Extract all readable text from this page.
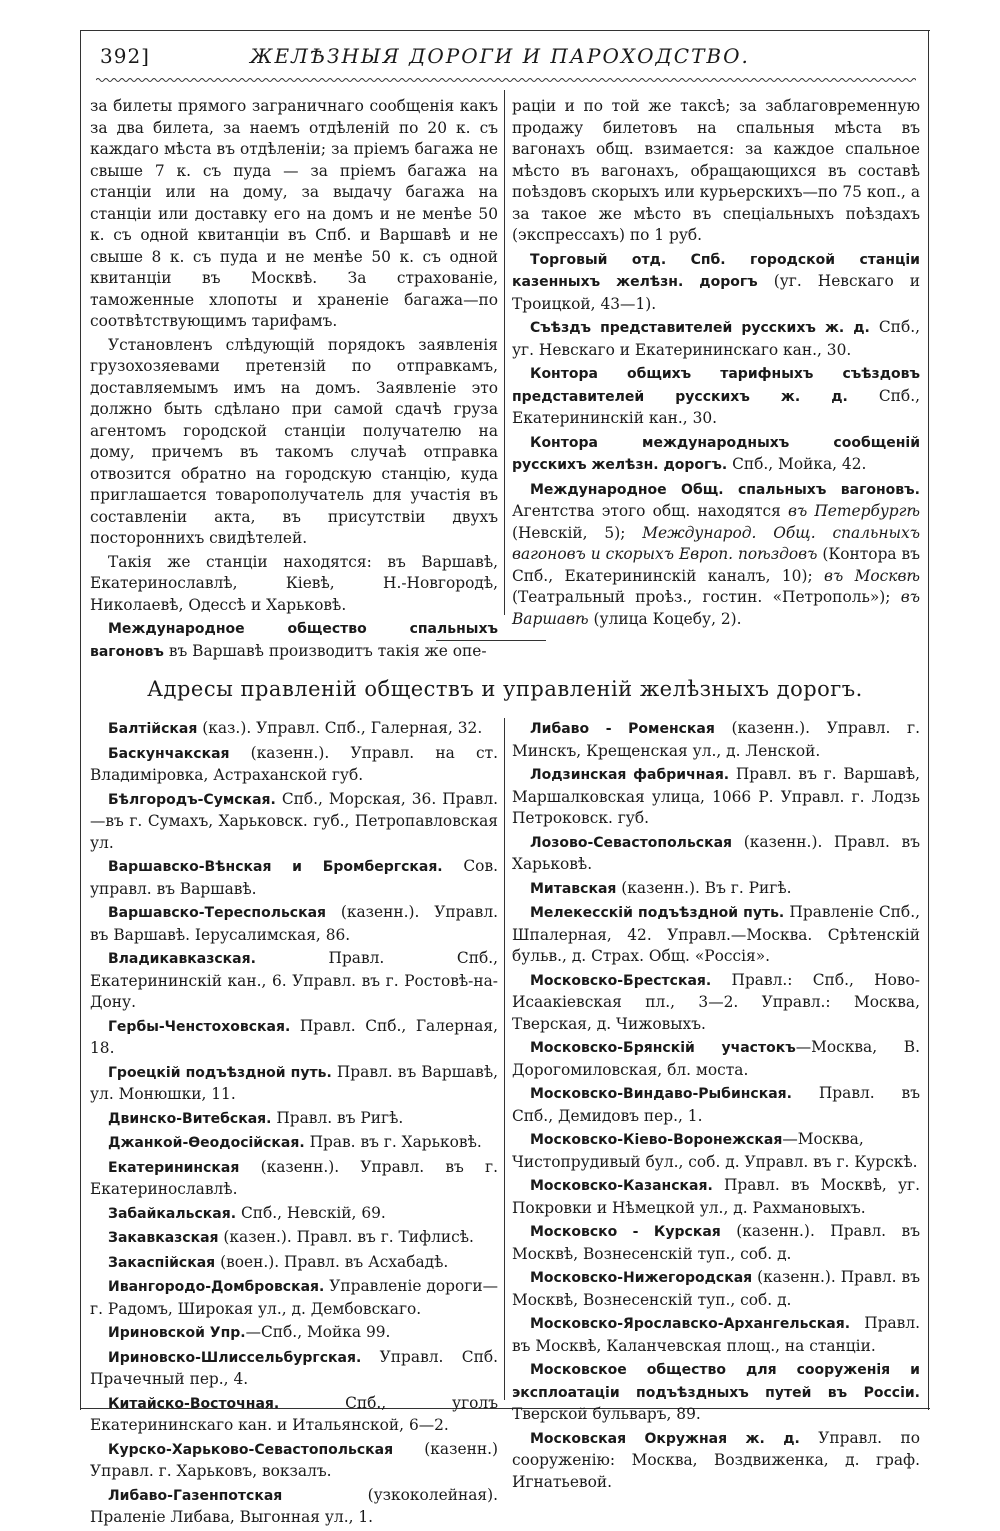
392]	ЖЕЛѢЗНЫЯ ДОРОГИ И ПАРОХОДСТВО.

за билеты прямого заграничнаго сообщенія какъ за два билета, за наемъ отдѣленій по 20 к. съ каждаго мѣста въ отдѣленіи; за пріемъ багажа не свыше 7 к. съ пуда — за пріемъ багажа на станціи или на дому, за выдачу багажа на станціи или доставку его на домъ и не менѣе 50 к. съ одной квитанціи въ Спб. и Варшавѣ и не свыше 8 к. съ пуда и не менѣе 50 к. съ одной квитанціи въ Москвѣ. За страхованіе, таможенные хлопоты и храненіе багажа—по соотвѣтствующимъ тарифамъ.

Установленъ слѣдующій порядокъ заявленія грузохозяевами претензій по отправкамъ, доставляемымъ имъ на домъ. Заявленіе это должно быть сдѣлано при самой сдачѣ груза агентомъ городской станціи получателю на дому, причемъ въ такомъ случаѣ отправка отвозится обратно на городскую станцію, куда приглашается товарополучатель для участія въ составленіи акта, въ присутствіи двухъ постороннихъ свидѣтелей.

Такія же станціи находятся: въ Варшавѣ, Екатеринославлѣ, Кіевѣ, Н.-Новгородѣ, Николаевѣ, Одессѣ и Харьковѣ.

Международное общество спальныхъ вагоновъ въ Варшавѣ производитъ такія же опе-

раціи и по той же таксѣ; за заблаговременную продажу билетовъ на спальныя мѣста въ вагонахъ общ. взимается: за каждое спальное мѣсто въ вагонахъ, обращающихся въ составѣ поѣздовъ скорыхъ или курьерскихъ—по 75 коп., а за такое же мѣсто въ спеціальныхъ поѣздахъ (экспрессахъ) по 1 руб.

Торговый отд. Спб. городской станціи казенныхъ желѣзн. дорогъ (уг. Невскаго и Троицкой, 43—1).

Съѣздъ представителей русскихъ ж. д. Спб., уг. Невскаго и Екатерининскаго кан., 30.

Контора общихъ тарифныхъ съѣздовъ представителей русскихъ ж. д. Спб., Екатерининскій кан., 30.

Контора международныхъ сообщеній русскихъ желѣзн. дорогъ. Спб., Мойка, 42.

Международное Общ. спальныхъ вагоновъ. Агентства этого общ. находятся въ Петербургѣ (Невскій, 5); Международ. Общ. спальныхъ вагоновъ и скорыхъ Европ. поѣздовъ (Контора въ Спб., Екатерининскій каналъ, 10); въ Москвѣ (Театральный проѣз., гостин. «Петрополь»); въ Варшавѣ (улица Коцебу, 2).

Адресы правленій обществъ и управленій желѣзныхъ дорогъ.

Балтійская (каз.). Управл. Спб., Галерная, 32.

Баскунчакская (казенн.). Управл. на ст. Владиміровка, Астраханской губ.

Бѣлгородъ-Сумская. Спб., Морская, 36. Правл.—въ г. Сумахъ, Харьковск. губ., Петропавловская ул.

Варшавско-Вѣнская и Бромбергская. Сов. управл. въ Варшавѣ.

Варшавско-Тереспольская (казенн.). Управл. въ Варшавѣ. Іерусалимская, 86.

Владикавказская. Правл. Спб., Екатерининскій кан., 6. Управл. въ г. Ростовѣ-на-Дону.

Гербы-Ченстоховская. Правл. Спб., Галерная, 18.

Гроецкій подъѣздной путь. Правл. въ Варшавѣ, ул. Монюшки, 11.

Двинско-Витебская. Правл. въ Ригѣ.

Джанкой-Ѳеодосійская. Прав. въ г. Харьковѣ.

Екатерининская (казенн.). Управл. въ г. Екатеринославлѣ.

Забайкальская. Спб., Невскій, 69.

Закавказская (казен.). Правл. въ г. Тифлисѣ.

Закаспійская (воен.). Правл. въ Асхабадѣ.

Ивангородо-Домбровская. Управленіе дороги—г. Радомъ, Широкая ул., д. Дембовскаго.

Ириновской Упр.—Спб., Мойка 99.

Ириновско-Шлиссельбургская. Управл. Спб. Прачечный пер., 4.

Китайско-Восточная. Спб., уголъ Екатерининскаго кан. и Итальянской, 6—2.

Курско-Харьково-Севастопольская (казенн.) Управл. г. Харьковъ, вокзалъ.

Либаво-Газенпотская (узкоколейная). Праленіе Либава, Выгонная ул., 1.

Либаво - Роменская (казенн.). Управл. г. Минскъ, Крещенская ул., д. Ленской.

Лодзинская фабричная. Правл. въ г. Варшавѣ, Маршалковская улица, 1066 Р. Управл. г. Лодзь Петроковск. губ.

Лозово-Севастопольская (казенн.). Правл. въ Харьковѣ.

Митавская (казенн.). Въ г. Ригѣ.

Мелекесскій подъѣздной путь. Правленіе Спб., Шпалерная, 42. Управл.—Москва. Срѣтенскій бульв., д. Страх. Общ. «Россія».

Московско-Брестская. Правл.: Спб., Ново-Исаакіевская пл., 3—2. Управл.: Москва, Тверская, д. Чижовыхъ.

Московско-Брянскій участокъ—Москва, В. Дорогомиловская, бл. моста.

Московско-Виндаво-Рыбинская. Правл. въ Спб., Демидовъ пер., 1.

Московско-Кіево-Воронежская—Москва, Чистопрудивый бул., соб. д. Управл. въ г. Курскѣ.

Московско-Казанская. Правл. въ Москвѣ, уг. Покровки и Нѣмецкой ул., д. Рахмановыхъ.

Московско - Курская (казенн.). Правл. въ Москвѣ, Вознесенскій туп., соб. д.

Московско-Нижегородская (казенн.). Правл. въ Москвѣ, Вознесенскій туп., соб. д.

Московско-Ярославско-Архангельская. Правл. въ Москвѣ, Каланчевская площ., на станціи.

Московское общество для сооруженія и эксплоатаціи подъѣздныхъ путей въ Россіи. Тверской бульваръ, 89.

Московская Окружная ж. д. Управл. по сооруженію: Москва, Воздвиженка, д. граф. Игнатьевой.
